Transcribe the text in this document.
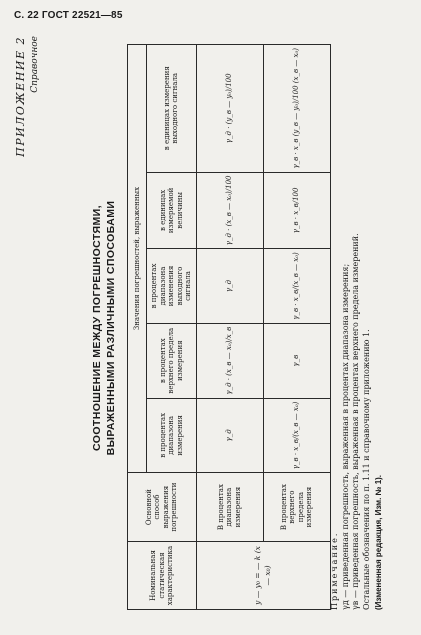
С. 22 ГОСТ 22521—85
ПРИЛОЖЕНИЕ 2 Справочное
СООТНОШЕНИЕ МЕЖДУ ПОГРЕШНОСТЯМИ, ВЫРАЖЕННЫМИ РАЗЛИЧНЫМИ СПОСОБАМИ
Номинальная статическая характеристика	Основной способ выражения погрешности	Значения погрешностей, выраженных				
		в процентах диапазона измерения	в процентах верхнего предела измерения	в процентах диапазона изменения выходного сигнала	в единицах измеряемой величины	в единицах измерения выходного сигнала
y — y₀ = — k (x — x₀)	В процентах диапазона измерения	γ_д	γ_д · (x_в — x₀)/x_в	γ_д	γ_д · (x_в — x₀)/100	γ_д · (y_в — y₀)/100
	В процентах верхнего предела измерения	γ_в · x_в/(x_в — x₀)	γ_в	γ_в · x_в/(x_в — x₀)	γ_в · x_в/100	γ_в · x_в (y_в — y₀)/100 (x_в — x₀)
Примечание. γд — приведенная погрешность, выраженная в процентах диапазона измерения; γв — приведенная погрешность, выраженная в процентах верхнего предела измерений. Остальные обозначения по п. 1.11 и справочному приложению 1. (Измененная редакция, Изм. № 1).
